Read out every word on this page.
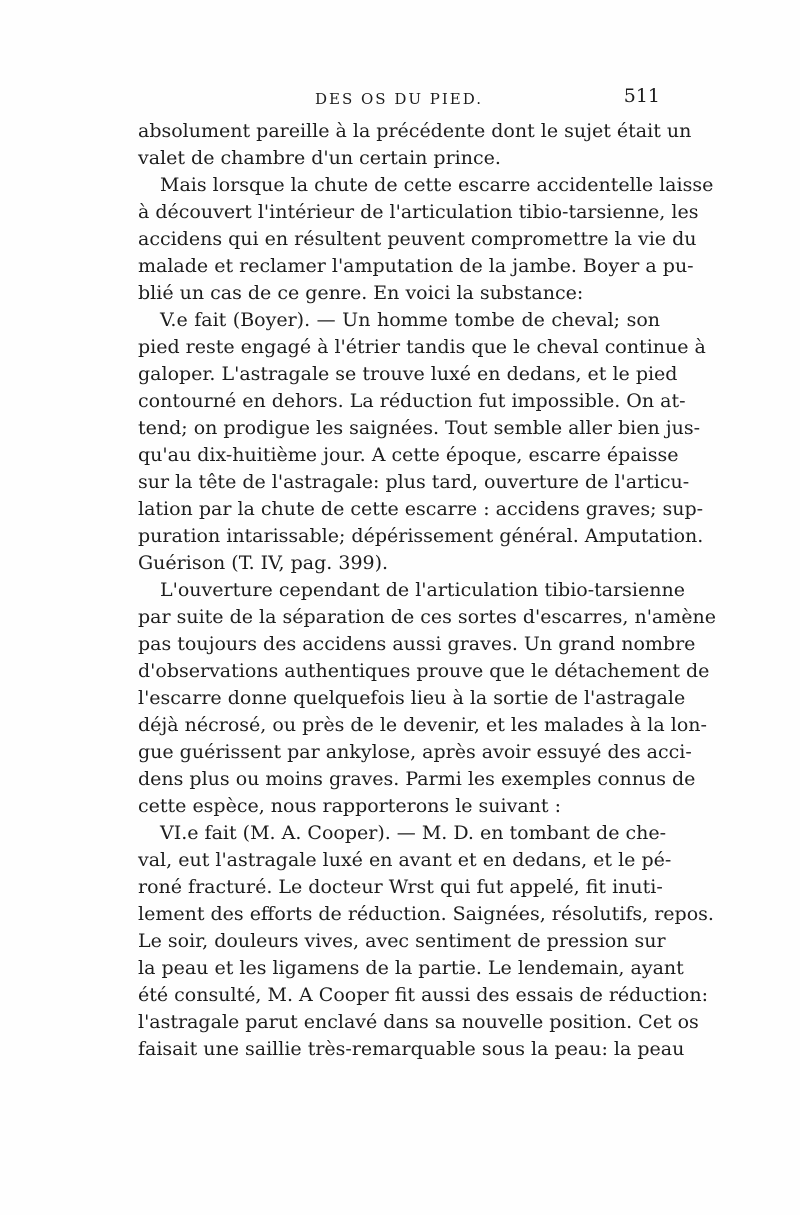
DES OS DU PIED.	511
absolument pareille à la précédente dont le sujet était un
valet de chambre d'un certain prince.
Mais lorsque la chute de cette escarre accidentelle laisse
à découvert l'intérieur de l'articulation tibio-tarsienne, les
accidens qui en résultent peuvent compromettre la vie du
malade et reclamer l'amputation de la jambe. Boyer a pu-
blié un cas de ce genre. En voici la substance:
V.e fait (Boyer). — Un homme tombe de cheval; son
pied reste engagé à l'étrier tandis que le cheval continue à
galoper. L'astragale se trouve luxé en dedans, et le pied
contourné en dehors. La réduction fut impossible. On at-
tend; on prodigue les saignées. Tout semble aller bien jus-
qu'au dix-huitième jour. A cette époque, escarre épaisse
sur la tête de l'astragale: plus tard, ouverture de l'articu-
lation par la chute de cette escarre : accidens graves; sup-
puration intarissable; dépérissement général. Amputation.
Guérison (T. IV, pag. 399).
L'ouverture cependant de l'articulation tibio-tarsienne
par suite de la séparation de ces sortes d'escarres, n'amène
pas toujours des accidens aussi graves. Un grand nombre
d'observations authentiques prouve que le détachement de
l'escarre donne quelquefois lieu à la sortie de l'astragale
déjà nécrosé, ou près de le devenir, et les malades à la lon-
gue guérissent par ankylose, après avoir essuyé des acci-
dens plus ou moins graves. Parmi les exemples connus de
cette espèce, nous rapporterons le suivant :
VI.e fait (M. A. Cooper). — M. D. en tombant de che-
val, eut l'astragale luxé en avant et en dedans, et le pé-
roné fracturé. Le docteur Wrst qui fut appelé, fit inuti-
lement des efforts de réduction. Saignées, résolutifs, repos.
Le soir, douleurs vives, avec sentiment de pression sur
la peau et les ligamens de la partie. Le lendemain, ayant
été consulté, M. A Cooper fit aussi des essais de réduction:
l'astragale parut enclavé dans sa nouvelle position. Cet os
faisait une saillie très-remarquable sous la peau: la peau
